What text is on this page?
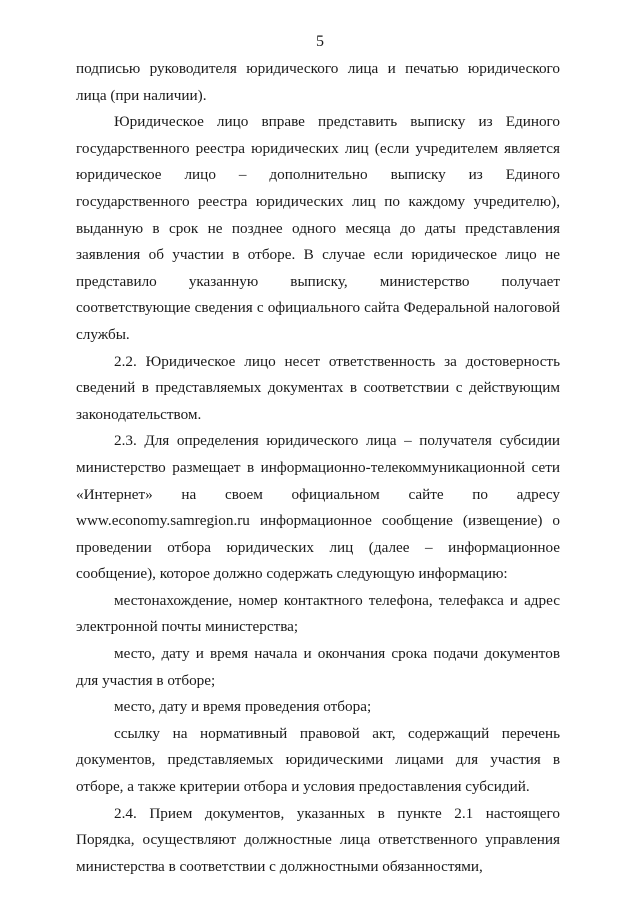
5

подписью руководителя юридического лица и печатью юридического лица (при наличии).

Юридическое лицо вправе представить выписку из Единого государственного реестра юридических лиц (если учредителем является юридическое лицо – дополнительно выписку из Единого государственного реестра юридических лиц по каждому учредителю), выданную в срок не позднее одного месяца до даты представления заявления об участии в отборе. В случае если юридическое лицо не представило указанную выписку, министерство получает соответствующие сведения с официального сайта Федеральной налоговой службы.

2.2. Юридическое лицо несет ответственность за достоверность сведений в представляемых документах в соответствии с действующим законодательством.

2.3. Для определения юридического лица – получателя субсидии министерство размещает в информационно-телекоммуникационной сети «Интернет» на своем официальном сайте по адресу www.economy.samregion.ru информационное сообщение (извещение) о проведении отбора юридических лиц (далее – информационное сообщение), которое должно содержать следующую информацию:

местонахождение, номер контактного телефона, телефакса и адрес электронной почты министерства;

место, дату и время начала и окончания срока подачи документов для участия в отборе;

место, дату и время проведения отбора;

ссылку на нормативный правовой акт, содержащий перечень документов, представляемых юридическими лицами для участия в отборе, а также критерии отбора и условия предоставления субсидий.

2.4. Прием документов, указанных в пункте 2.1 настоящего Порядка, осуществляют должностные лица ответственного управления министерства в соответствии с должностными обязанностями,
